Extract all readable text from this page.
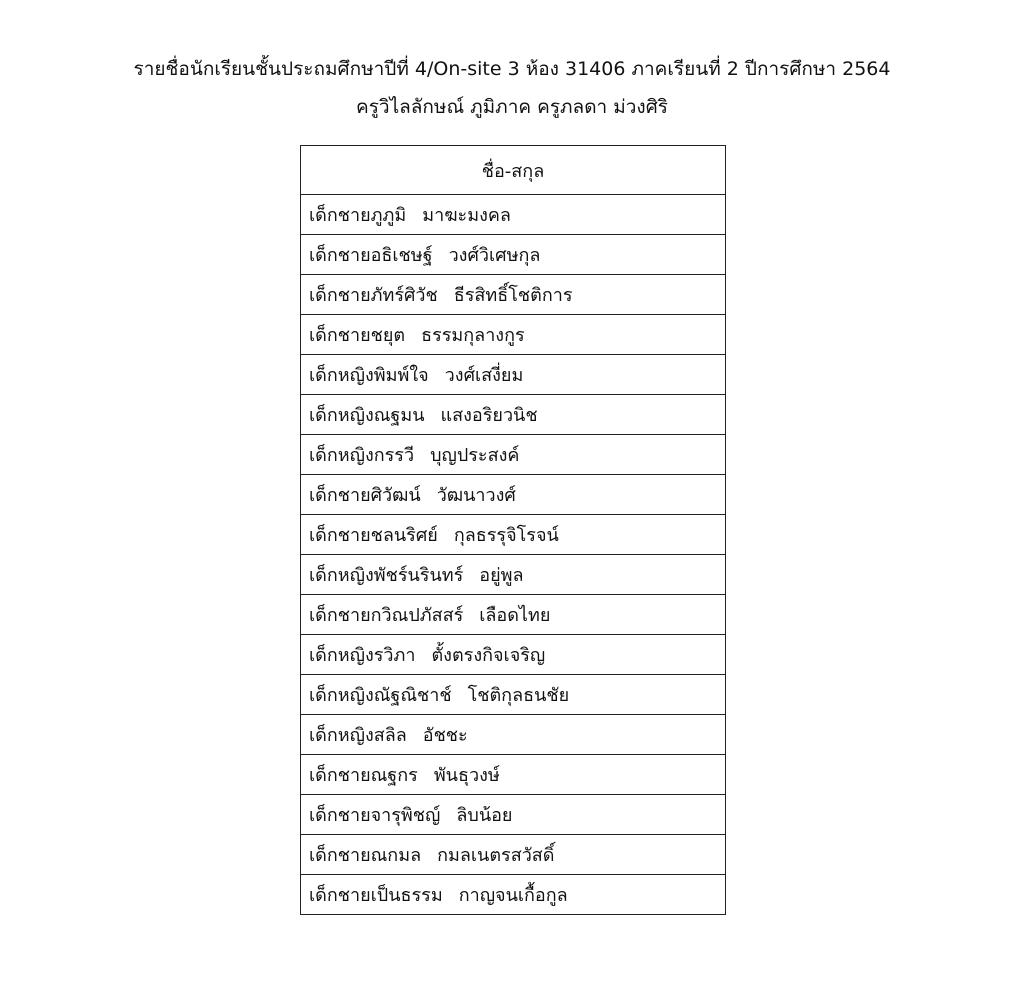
รายชื่อนักเรียนชั้นประถมศึกษาปีที่ 4/On-site 3 ห้อง 31406 ภาคเรียนที่ 2 ปีการศึกษา 2564
ครูวิไลลักษณ์ ภูมิภาค ครูภลดา ม่วงศิริ
ชื่อ-สกุล
เด็กชายภูภูมิ มาฆะมงคล
เด็กชายอธิเชษฐ์ วงศ์วิเศษกุล
เด็กชายภัทร์ศิวัช ธีรสิทธิ์โชติการ
เด็กชายชยุต ธรรมกุลางกูร
เด็กหญิงพิมพ์ใจ วงศ์เสงี่ยม
เด็กหญิงณฐมน แสงอริยวนิช
เด็กหญิงกรรวี บุญประสงค์
เด็กชายศิวัฒน์ วัฒนาวงศ์
เด็กชายชลนริศย์ กุลธรรุจิโรจน์
เด็กหญิงพัชร์นรินทร์ อยู่พูล
เด็กชายกวิณปภัสสร์ เลือดไทย
เด็กหญิงรวิภา ตั้งตรงกิจเจริญ
เด็กหญิงณัฐณิชาช์ โชติกุลธนชัย
เด็กหญิงสลิล อัชชะ
เด็กชายณฐกร พันธุวงษ์
เด็กชายจารุพิชญ์ ลิบน้อย
เด็กชายณกมล กมลเนตรสวัสดิ์
เด็กชายเป็นธรรม กาญจนเกื้อกูล
